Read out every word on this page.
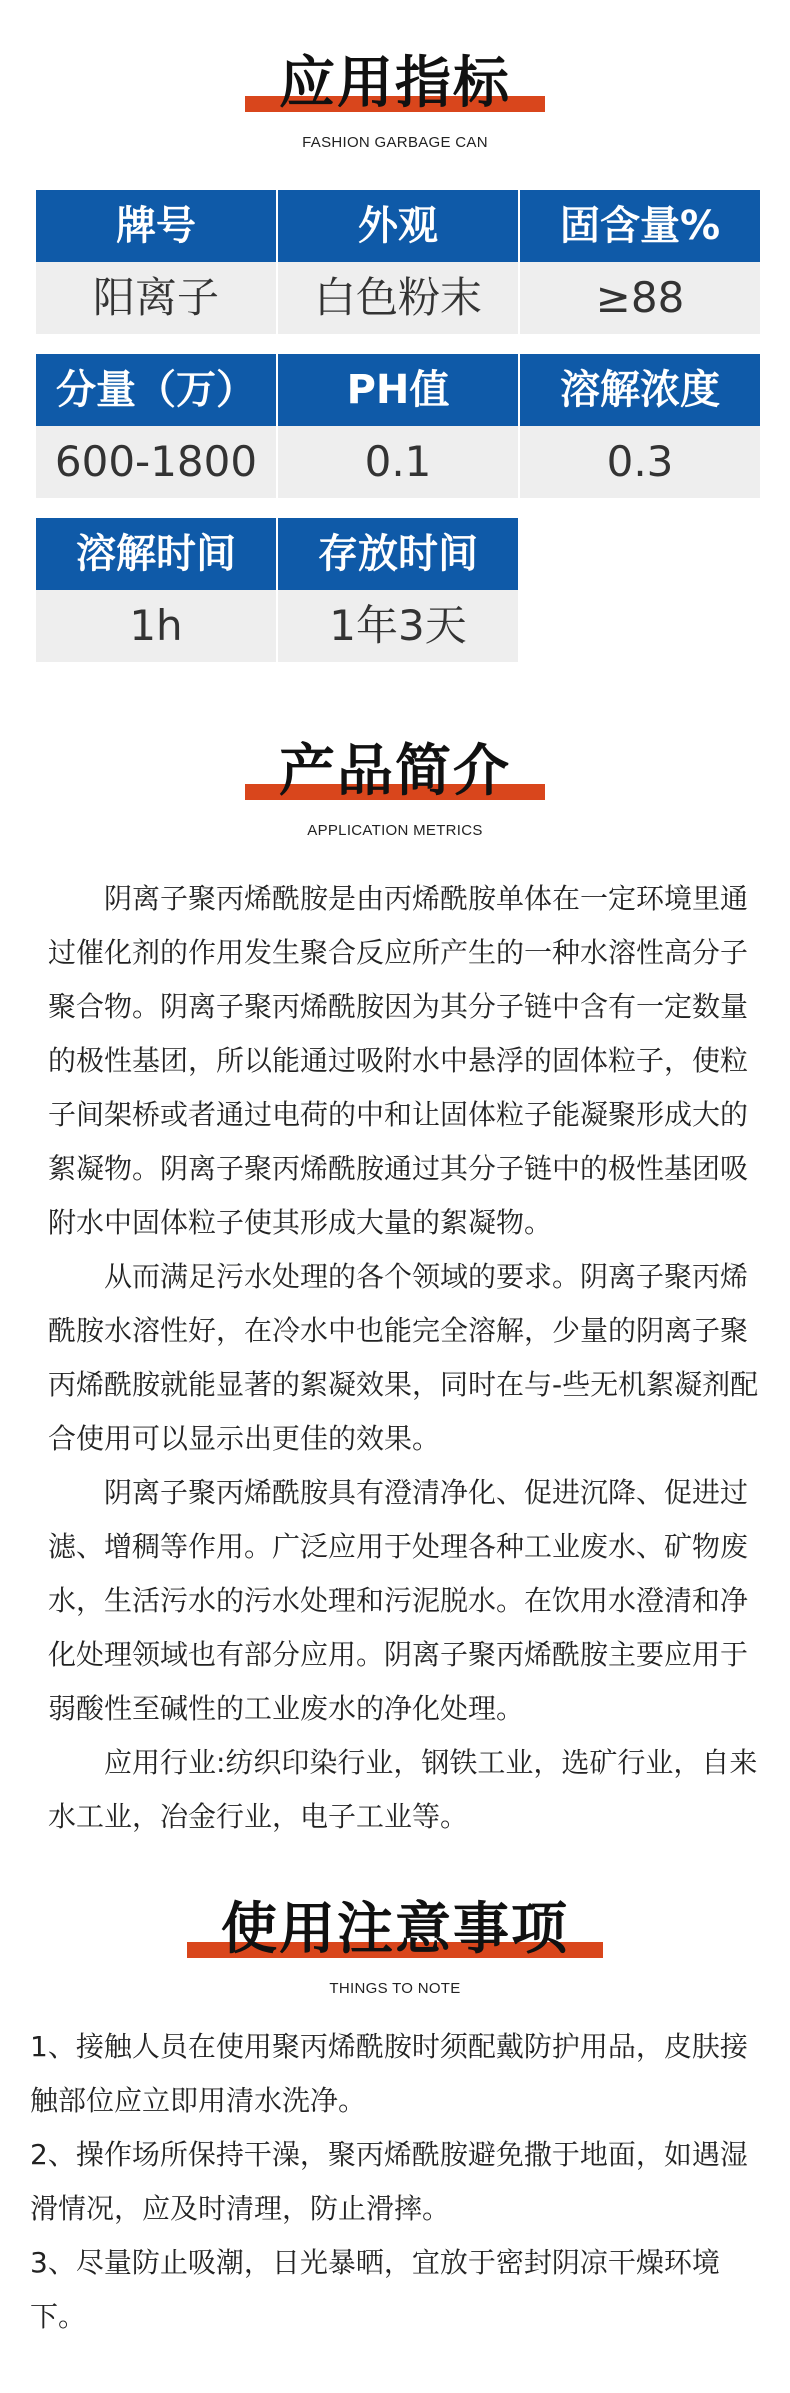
应用指标
FASHION GARBAGE CAN
牌号	外观	固含量%
阳离子	白色粉末	≥88
分量（万）	PH值	溶解浓度
600-1800	0.1	0.3
溶解时间	存放时间
1h	1年3天
产品简介
APPLICATION METRICS

阴离子聚丙烯酰胺是由丙烯酰胺单体在一定环境里通过催化剂的作用发生聚合反应所产生的一种水溶性高分子聚合物。阴离子聚丙烯酰胺因为其分子链中含有一定数量的极性基团，所以能通过吸附水中悬浮的固体粒子，使粒子间架桥或者通过电荷的中和让固体粒子能凝聚形成大的絮凝物。阴离子聚丙烯酰胺通过其分子链中的极性基团吸附水中固体粒子使其形成大量的絮凝物。

从而满足污水处理的各个领域的要求。阴离子聚丙烯酰胺水溶性好，在冷水中也能完全溶解，少量的阴离子聚丙烯酰胺就能显著的絮凝效果，同时在与-些无机絮凝剂配合使用可以显示出更佳的效果。

阴离子聚丙烯酰胺具有澄清净化、促进沉降、促进过滤、增稠等作用。广泛应用于处理各种工业废水、矿物废水，生活污水的污水处理和污泥脱水。在饮用水澄清和净化处理领域也有部分应用。阴离子聚丙烯酰胺主要应用于弱酸性至碱性的工业废水的净化处理。

应用行业:纺织印染行业，钢铁工业，选矿行业，自来水工业，冶金行业，电子工业等。

使用注意事项
THINGS TO NOTE

1、接触人员在使用聚丙烯酰胺时须配戴防护用品，皮肤接触部位应立即用清水洗净。

2、操作场所保持干澡，聚丙烯酰胺避免撒于地面，如遇湿滑情况，应及时清理，防止滑摔。

3、尽量防止吸潮，日光暴晒，宜放于密封阴凉干燥环境下。
